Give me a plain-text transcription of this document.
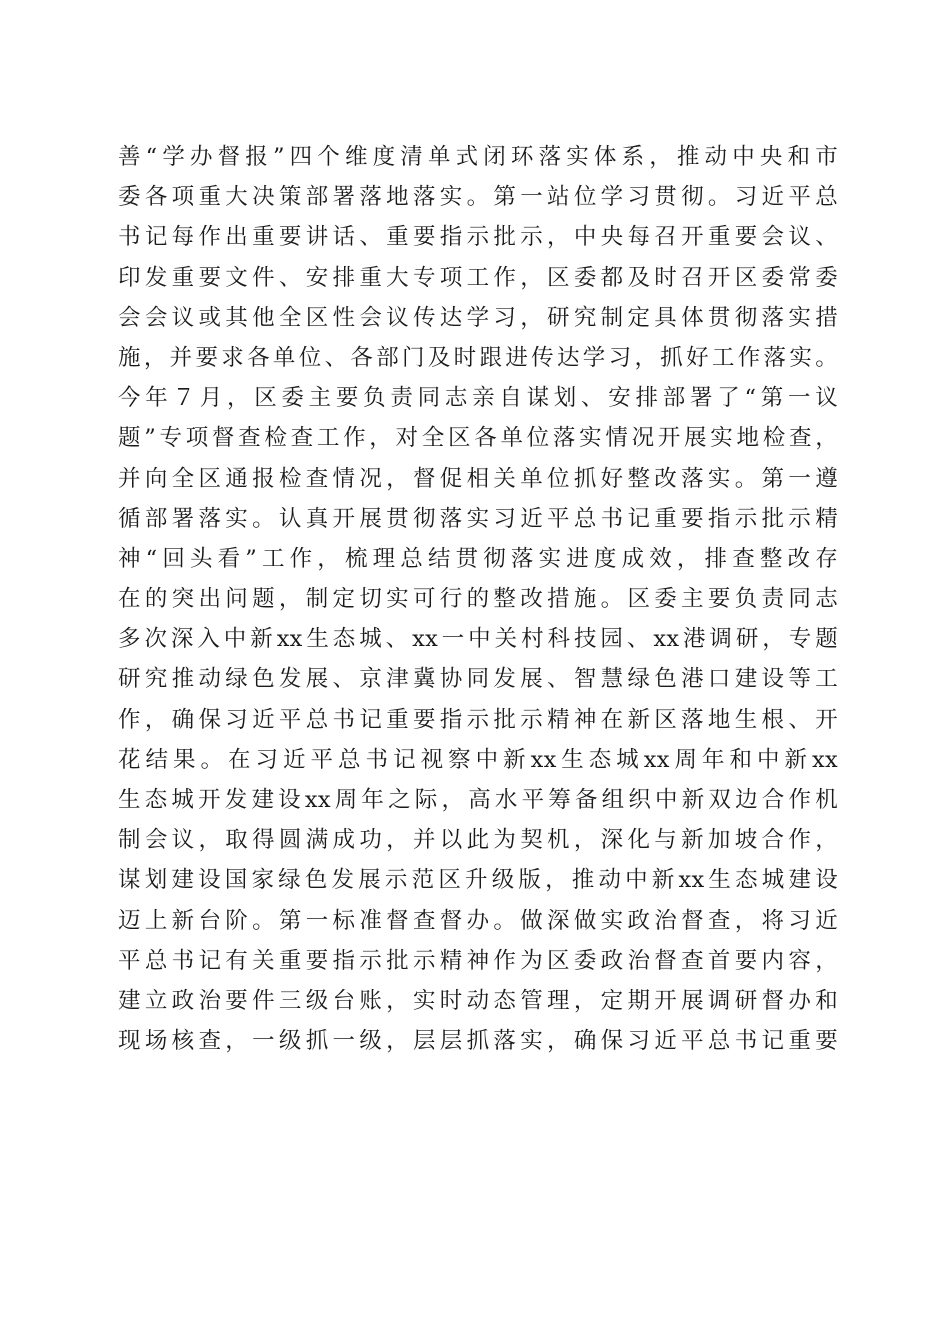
善“学办督报”四个维度清单式闭环落实体系，推动中央和市
委各项重大决策部署落地落实。第一站位学习贯彻。习近平总
书记每作出重要讲话、重要指示批示，中央每召开重要会议、
印发重要文件、安排重大专项工作，区委都及时召开区委常委
会会议或其他全区性会议传达学习，研究制定具体贯彻落实措
施，并要求各单位、各部门及时跟进传达学习，抓好工作落实。
今年７月，区委主要负责同志亲自谋划、安排部署了“第一议
题”专项督查检查工作，对全区各单位落实情况开展实地检查，
并向全区通报检查情况，督促相关单位抓好整改落实。第一遵
循部署落实。认真开展贯彻落实习近平总书记重要指示批示精
神“回头看”工作，梳理总结贯彻落实进度成效，排查整改存
在的突出问题，制定切实可行的整改措施。区委主要负责同志
多次深入中新xx生态城、xx一中关村科技园、xx港调研，专题
研究推动绿色发展、京津冀协同发展、智慧绿色港口建设等工
作，确保习近平总书记重要指示批示精神在新区落地生根、开
花结果。在习近平总书记视察中新xx生态城xx周年和中新xx
生态城开发建设xx周年之际，高水平筹备组织中新双边合作机
制会议，取得圆满成功，并以此为契机，深化与新加坡合作，
谋划建设国家绿色发展示范区升级版，推动中新xx生态城建设
迈上新台阶。第一标准督查督办。做深做实政治督查，将习近
平总书记有关重要指示批示精神作为区委政治督查首要内容，
建立政治要件三级台账，实时动态管理，定期开展调研督办和
现场核查，一级抓一级，层层抓落实，确保习近平总书记重要
